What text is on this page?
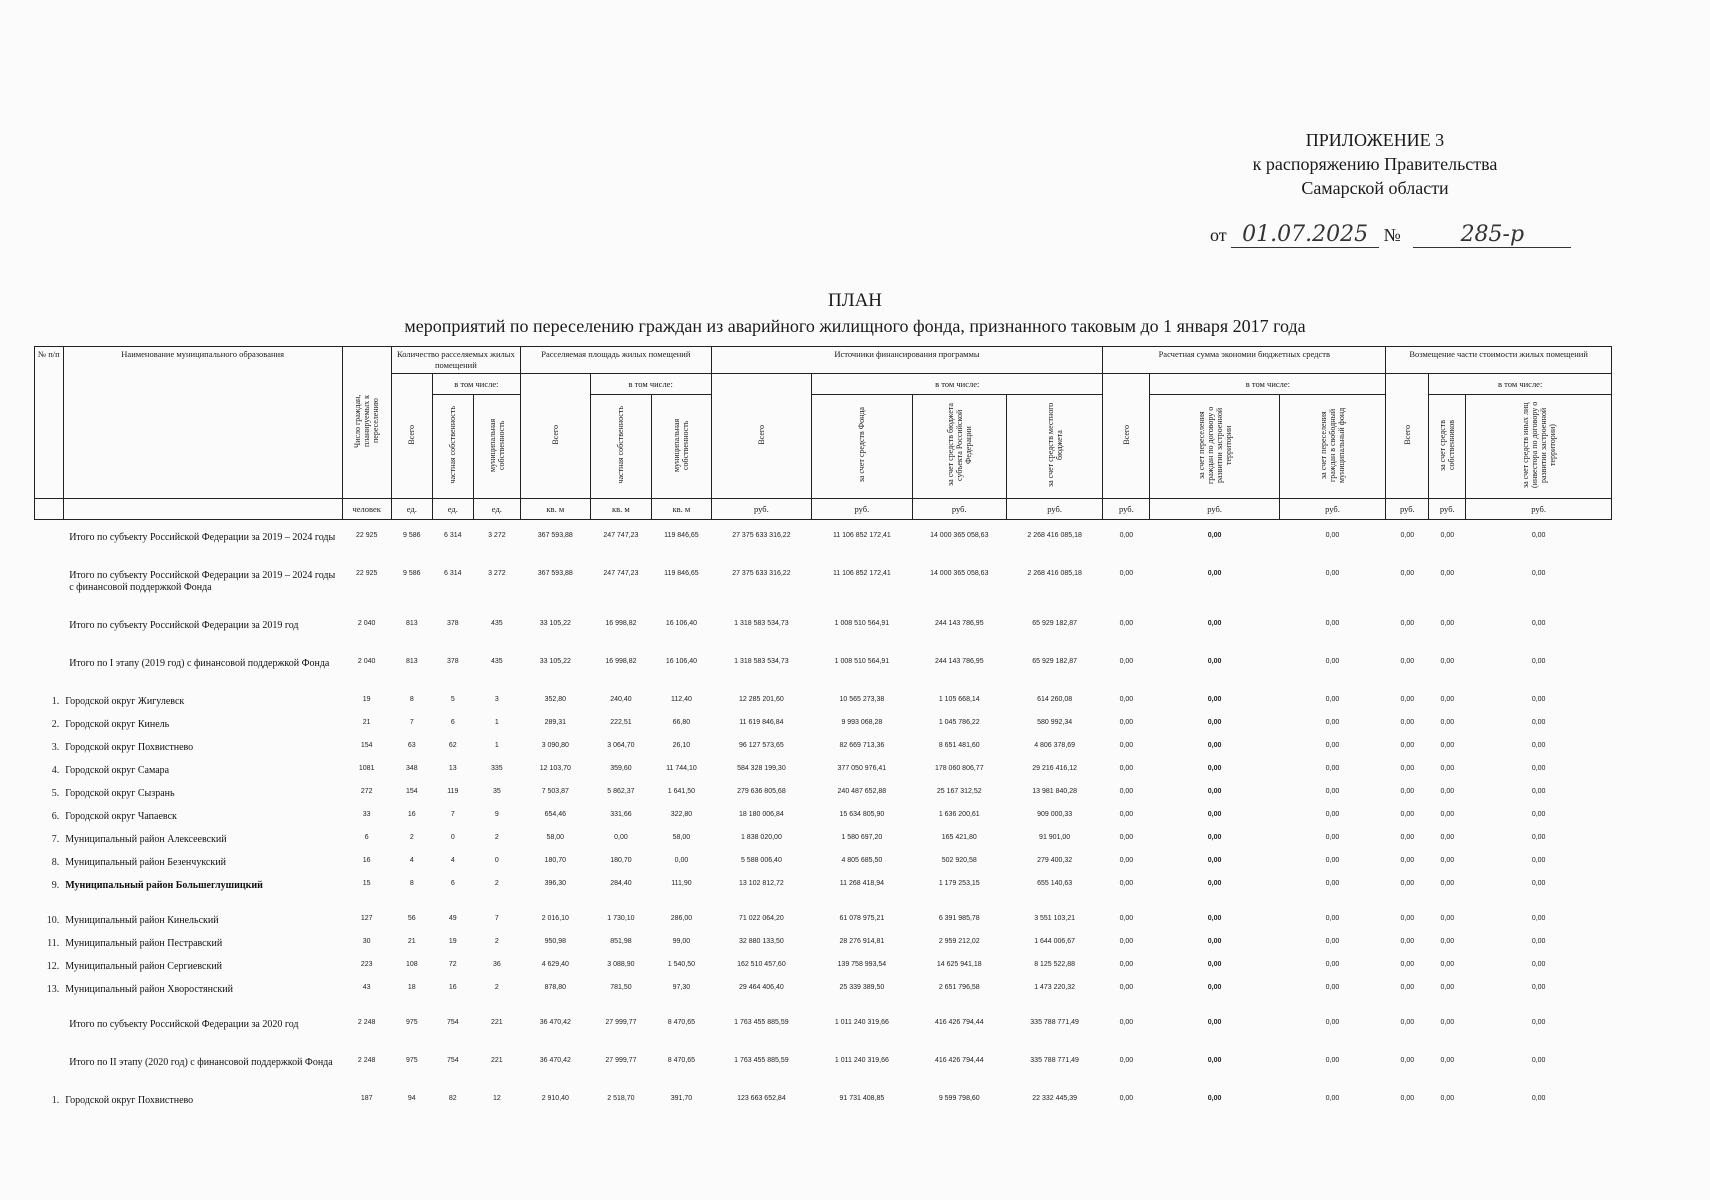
ПРИЛОЖЕНИЕ 3
к распоряжению Правительства
Самарской области
от 01.07.2025 №	285-р
ПЛАН
мероприятий по переселению граждан из аварийного жилищного фонда, признанного таковым до 1 января 2017 года
№ п/п	Наименование муниципального образования	Число граждан, планируемых к переселению	Количество расселяемых жилых помещений			Расселяемая площадь жилых помещений			Источники финансирования программы				Расчетная сумма экономии бюджетных средств			Возмещение части стоимости жилых помещений		
			Всего	в том числе:		Всего	в том числе:		Всего	в том числе:			Всего	в том числе:		Всего	в том числе:	
				частная собственность	муниципальная собственность		частная собственность	муниципальная собственность		за счет средств Фонда	за счет средств бюджета субъекта Российской Федерации	за счет средств местного бюджета		за счет переселения граждан по договору о развитии застроенной территории	за счет переселения граждан в свободный муниципальный фонд		за счет средств собственников	за счет средств иных лиц (инвестора по договору о развитии застроенной территории)
		человек	ед.	ед.	ед.	кв. м	кв. м	кв. м	руб.	руб.	руб.	руб.	руб.	руб.	руб.	руб.	руб.	руб.

	Итого по субъекту Российской Федерации за 2019 – 2024 годы	22 925	9 586	6 314	3 272	367 593,88	247 747,23	119 846,65	27 375 633 316,22	11 106 852 172,41	14 000 365 058,63	2 268 416 085,18	0,00	0,00	0,00	0,00	0,00	0,00
	Итого по субъекту Российской Федерации за 2019 – 2024 годы с финансовой поддержкой Фонда	22 925	9 586	6 314	3 272	367 593,88	247 747,23	119 846,65	27 375 633 316,22	11 106 852 172,41	14 000 365 058,63	2 268 416 085,18	0,00	0,00	0,00	0,00	0,00	0,00

	Итого по субъекту Российской Федерации за 2019 год	2 040	813	378	435	33 105,22	16 998,82	16 106,40	1 318 583 534,73	1 008 510 564,91	244 143 786,95	65 929 182,87	0,00	0,00	0,00	0,00	0,00	0,00
	Итого по I этапу (2019 год) с финансовой поддержкой Фонда	2 040	813	378	435	33 105,22	16 998,82	16 106,40	1 318 583 534,73	1 008 510 564,91	244 143 786,95	65 929 182,87	0,00	0,00	0,00	0,00	0,00	0,00
1.	Городской округ Жигулевск	19	8	5	3	352,80	240,40	112,40	12 285 201,60	10 565 273,38	1 105 668,14	614 260,08	0,00	0,00	0,00	0,00	0,00	0,00
2.	Городской округ Кинель	21	7	6	1	289,31	222,51	66,80	11 619 846,84	9 993 068,28	1 045 786,22	580 992,34	0,00	0,00	0,00	0,00	0,00	0,00
3.	Городской округ Похвистнево	154	63	62	1	3 090,80	3 064,70	26,10	96 127 573,65	82 669 713,36	8 651 481,60	4 806 378,69	0,00	0,00	0,00	0,00	0,00	0,00
4.	Городской округ Самара	1081	348	13	335	12 103,70	359,60	11 744,10	584 328 199,30	377 050 976,41	178 060 806,77	29 216 416,12	0,00	0,00	0,00	0,00	0,00	0,00
5.	Городской округ Сызрань	272	154	119	35	7 503,87	5 862,37	1 641,50	279 636 805,68	240 487 652,88	25 167 312,52	13 981 840,28	0,00	0,00	0,00	0,00	0,00	0,00
6.	Городской округ Чапаевск	33	16	7	9	654,46	331,66	322,80	18 180 006,84	15 634 805,90	1 636 200,61	909 000,33	0,00	0,00	0,00	0,00	0,00	0,00
7.	Муниципальный район Алексеевский	6	2	0	2	58,00	0,00	58,00	1 838 020,00	1 580 697,20	165 421,80	91 901,00	0,00	0,00	0,00	0,00	0,00	0,00
8.	Муниципальный район Безенчукский	16	4	4	0	180,70	180,70	0,00	5 588 006,40	4 805 685,50	502 920,58	279 400,32	0,00	0,00	0,00	0,00	0,00	0,00
9.	Муниципальный район Большеглушицкий	15	8	6	2	396,30	284,40	111,90	13 102 812,72	11 268 418,94	1 179 253,15	655 140,63	0,00	0,00	0,00	0,00	0,00	0,00

10.	Муниципальный район Кинельский	127	56	49	7	2 016,10	1 730,10	286,00	71 022 064,20	61 078 975,21	6 391 985,78	3 551 103,21	0,00	0,00	0,00	0,00	0,00	0,00
11.	Муниципальный район Пестравский	30	21	19	2	950,98	851,98	99,00	32 880 133,50	28 276 914,81	2 959 212,02	1 644 006,67	0,00	0,00	0,00	0,00	0,00	0,00
12.	Муниципальный район Сергиевский	223	108	72	36	4 629,40	3 088,90	1 540,50	162 510 457,60	139 758 993,54	14 625 941,18	8 125 522,88	0,00	0,00	0,00	0,00	0,00	0,00
13.	Муниципальный район Хворостянский	43	18	16	2	878,80	781,50	97,30	29 464 406,40	25 339 389,50	2 651 796,58	1 473 220,32	0,00	0,00	0,00	0,00	0,00	0,00

	Итого по субъекту Российской Федерации за 2020 год	2 248	975	754	221	36 470,42	27 999,77	8 470,65	1 763 455 885,59	1 011 240 319,66	416 426 794,44	335 788 771,49	0,00	0,00	0,00	0,00	0,00	0,00
	Итого по II этапу (2020 год) с финансовой поддержкой Фонда	2 248	975	754	221	36 470,42	27 999,77	8 470,65	1 763 455 885,59	1 011 240 319,66	416 426 794,44	335 788 771,49	0,00	0,00	0,00	0,00	0,00	0,00
1.	Городской округ Похвистнево	187	94	82	12	2 910,40	2 518,70	391,70	123 663 652,84	91 731 408,85	9 599 798,60	22 332 445,39	0,00	0,00	0,00	0,00	0,00	0,00
